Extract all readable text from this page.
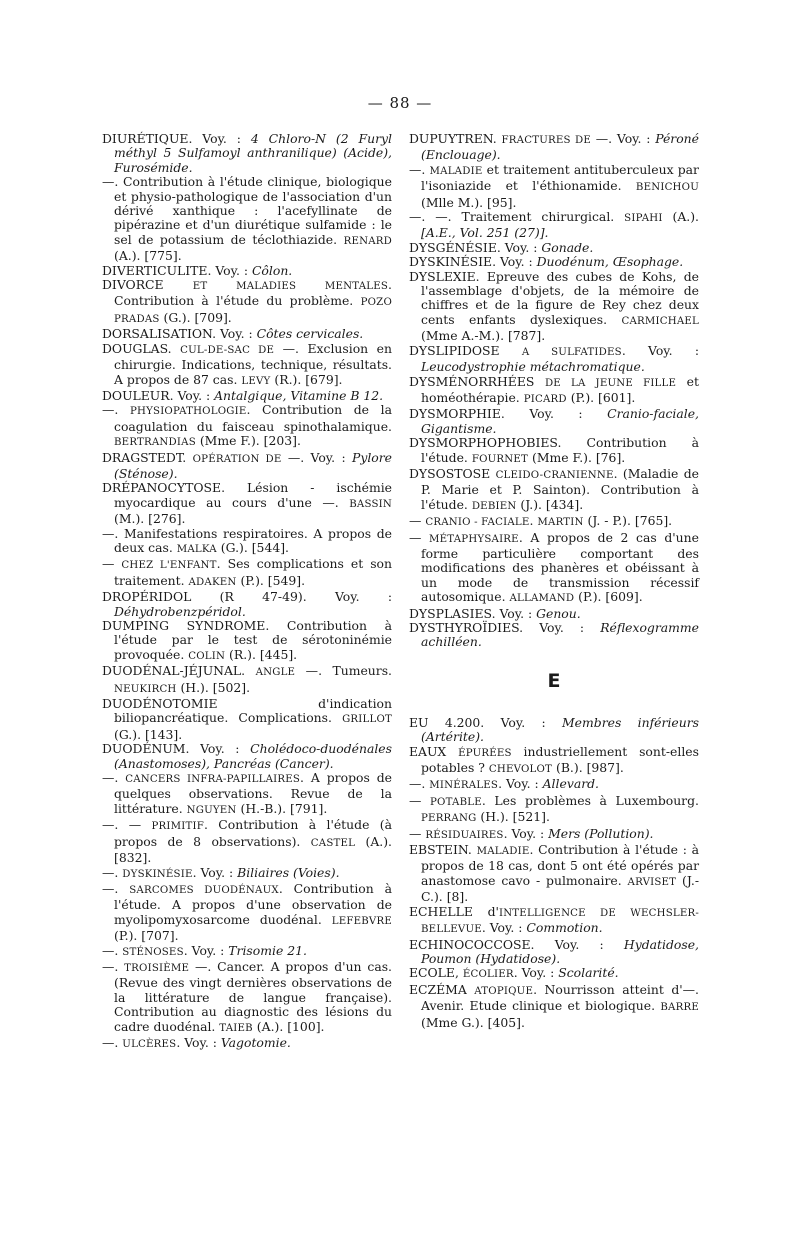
— 88 —

DIURÉTIQUE. Voy. : 4 Chloro-N (2 Furyl méthyl 5 Sulfamoyl anthranilique) (Acide), Furosémide.

—. Contribution à l'étude clinique, biologique et physio-pathologique de l'association d'un dérivé xanthique : l'acefyllinate de pipérazine et d'un diurétique sulfamide : le sel de potassium de téclothiazide. RENARD (A.). [775].

DIVERTICULITE. Voy. : Côlon.

DIVORCE ET MALADIES MENTALES. Contribution à l'étude du problème. POZO PRADAS (G.). [709].

DORSALISATION. Voy. : Côtes cervicales.

DOUGLAS. CUL-DE-SAC DE —. Exclusion en chirurgie. Indications, technique, résultats. A propos de 87 cas. LEVY (R.). [679].

DOULEUR. Voy. : Antalgique, Vitamine B 12.

—. PHYSIOPATHOLOGIE. Contribution de la coagulation du faisceau spinothalamique. BERTRANDIAS (Mme F.). [203].

DRAGSTEDT. OPÉRATION DE —. Voy. : Pylore (Sténose).

DRÉPANOCYTOSE. Lésion - ischémie myocardique au cours d'une —. BASSIN (M.). [276].

—. Manifestations respiratoires. A propos de deux cas. MALKA (G.). [544].

— CHEZ L'ENFANT. Ses complications et son traitement. ADAKEN (P.). [549].

DROPÉRIDOL (R 47-49). Voy. : Déhydrobenzpéridol.

DUMPING SYNDROME. Contribution à l'étude par le test de sérotoninémie provoquée. COLIN (R.). [445].

DUODÉNAL-JÉJUNAL. ANGLE —. Tumeurs. NEUKIRCH (H.). [502].

DUODÉNOTOMIE d'indication biliopancréatique. Complications. GRILLOT (G.). [143].

DUODÉNUM. Voy. : Cholédoco-duodénales (Anastomoses), Pancréas (Cancer).

—. CANCERS INFRA-PAPILLAIRES. A propos de quelques observations. Revue de la littérature. NGUYEN (H.-B.). [791].

—. — PRIMITIF. Contribution à l'étude (à propos de 8 observations). CASTEL (A.). [832].

—. DYSKINÉSIE. Voy. : Biliaires (Voies).

—. SARCOMES DUODÉNAUX. Contribution à l'étude. A propos d'une observation de myolipomyxosarcome duodénal. LEFEBVRE (P.). [707].

—. STÉNOSES. Voy. : Trisomie 21.

—. TROISIÈME —. Cancer. A propos d'un cas. (Revue des vingt dernières observations de la littérature de langue française). Contribution au diagnostic des lésions du cadre duodénal. TAIEB (A.). [100].

—. ULCÈRES. Voy. : Vagotomie.

DUPUYTREN. FRACTURES DE —. Voy. : Péroné (Enclouage).

—. MALADIE et traitement antituberculeux par l'isoniazide et l'éthionamide. BENICHOU (Mlle M.). [95].

—. —. Traitement chirurgical. SIPAHI (A.). [A.E., Vol. 251 (27)].

DYSGÉNÉSIE. Voy. : Gonade.

DYSKINÉSIE. Voy. : Duodénum, Œsophage.

DYSLEXIE. Epreuve des cubes de Kohs, de l'assemblage d'objets, de la mémoire de chiffres et de la figure de Rey chez deux cents enfants dyslexiques. CARMICHAEL (Mme A.-M.). [787].

DYSLIPIDOSE A SULFATIDES. Voy. : Leucodystrophie métachromatique.

DYSMÉNORRHÉES DE LA JEUNE FILLE et homéothérapie. PICARD (P.). [601].

DYSMORPHIE. Voy. : Cranio-faciale, Gigantisme.

DYSMORPHOPHOBIES. Contribution à l'étude. FOURNET (Mme F.). [76].

DYSOSTOSE CLEIDO-CRANIENNE. (Maladie de P. Marie et P. Sainton). Contribution à l'étude. DEBIEN (J.). [434].

— CRANIO - FACIALE. MARTIN (J. - P.). [765].

— MÉTAPHYSAIRE. A propos de 2 cas d'une forme particulière comportant des modifications des phanères et obéissant à un mode de transmission récessif autosomique. ALLAMAND (P.). [609].

DYSPLASIES. Voy. : Genou.

DYSTHYROÏDIES. Voy. : Réflexogramme achilléen.

E

EU 4.200. Voy. : Membres inférieurs (Artérite).

EAUX ÉPURÉES industriellement sont-elles potables ? CHEVOLOT (B.). [987].

—. MINÉRALES. Voy. : Allevard.

— POTABLE. Les problèmes à Luxembourg. PERRANG (H.). [521].

— RÉSIDUAIRES. Voy. : Mers (Pollution).

EBSTEIN. MALADIE. Contribution à l'étude : à propos de 18 cas, dont 5 ont été opérés par anastomose cavo - pulmonaire. ARVISET (J.-C.). [8].

ECHELLE d'INTELLIGENCE DE WECHSLER-BELLEVUE. Voy. : Commotion.

ECHINOCOCCOSE. Voy. : Hydatidose, Poumon (Hydatidose).

ECOLE, ÉCOLIER. Voy. : Scolarité.

ECZÉMA ATOPIQUE. Nourrisson atteint d'—. Avenir. Etude clinique et biologique. BARRE (Mme G.). [405].
